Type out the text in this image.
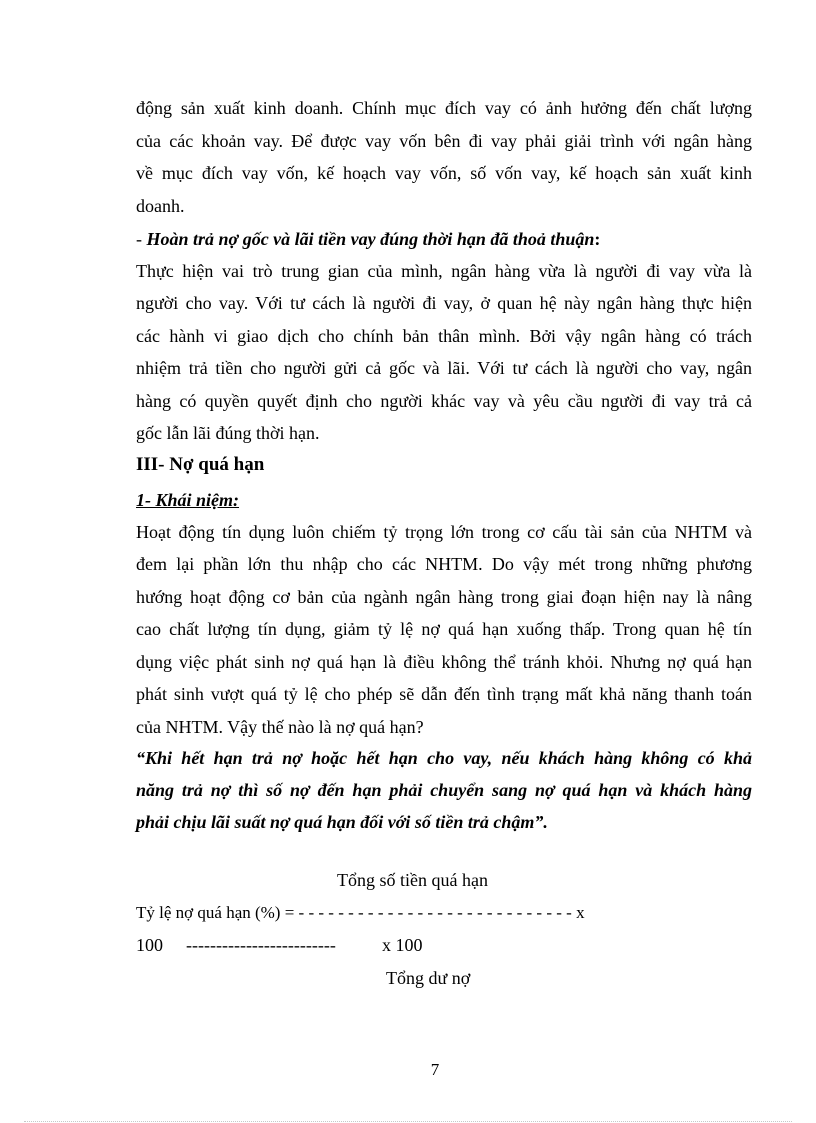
động sản xuất kinh doanh. Chính mục đích vay có ảnh hưởng đến chất lượng
của các khoản vay. Để được vay vốn bên đi vay phải giải trình với ngân hàng
về mục đích vay vốn, kế hoạch vay vốn, số vốn vay, kế hoạch sản xuất kinh
doanh.
- Hoàn trả nợ gốc và lãi tiền vay đúng thời hạn đã thoả thuận:
Thực hiện vai trò trung gian của mình, ngân hàng vừa là người đi vay vừa là
người cho vay. Với tư cách là người đi vay, ở quan hệ này ngân hàng thực hiện
các hành vi giao dịch cho chính bản thân mình. Bởi vậy ngân hàng có trách
nhiệm trả tiền cho người gửi cả gốc và lãi. Với tư cách là người cho vay, ngân
hàng có quyền quyết định cho người khác vay và yêu cầu người đi vay trả cả
gốc lẫn lãi đúng thời hạn.
III- Nợ quá hạn
1- Khái niệm:
Hoạt động tín dụng luôn chiếm tỷ trọng lớn trong cơ cấu tài sản của NHTM và
đem lại phần lớn thu nhập cho các NHTM. Do vậy mét trong những phương
hướng hoạt động cơ bản của ngành ngân hàng trong giai đoạn hiện nay là nâng
cao chất lượng tín dụng, giảm tỷ lệ nợ quá hạn xuống thấp. Trong quan hệ tín
dụng việc phát sinh nợ quá hạn là điều không thể tránh khỏi. Nhưng nợ quá hạn
phát sinh vượt quá tỷ lệ cho phép sẽ dẫn đến tình trạng mất khả năng thanh toán
của NHTM. Vậy thế nào là nợ quá hạn?
“Khi hết hạn trả nợ hoặc hết hạn cho vay, nếu khách hàng không có khả
năng trả nợ thì số nợ đến hạn phải chuyển sang nợ quá hạn và khách hàng
phải chịu lãi suất nợ quá hạn đối với số tiền trả chậm”.
Tổng số tiền quá hạn
Tỷ lệ nợ quá hạn (%) = - - - - - - - - - - - - - - - - - - - - - - - - - - - - x
100	-------------------------	x 100
Tổng dư nợ
7
